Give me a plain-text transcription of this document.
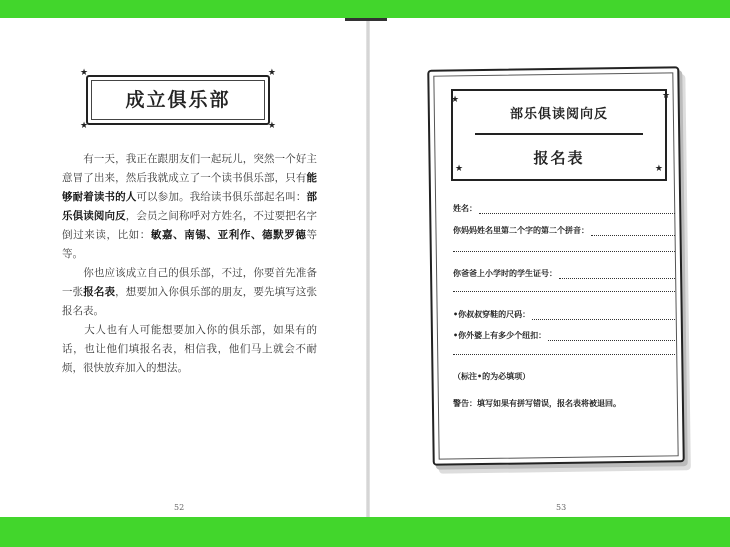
成立俱乐部
★	★
★	★

　　有一天，我正在跟朋友们一起玩儿，突然一个好主意冒了出来，然后我就成立了一个读书俱乐部，只有能够耐着读书的人可以参加。我给读书俱乐部起名叫：部乐俱读阅向反，会员之间称呼对方姓名，不过要把名字倒过来读，比如：敏嘉、南锡、亚利作、德默罗德等等。

　　你也应该成立自己的俱乐部，不过，你要首先准备一张报名表，想要加入你俱乐部的朋友，要先填写这张报名表。

　　大人也有人可能想要加入你的俱乐部，如果有的话，也让他们填报名表，相信我，他们马上就会不耐烦，很快放弃加入的想法。

52
★	★
部乐俱读阅向反
报名表
★	★
姓名：
你妈妈姓名里第二个字的第二个拼音：
你爸爸上小学时的学生证号：
•你叔叔穿鞋的尺码：
•你外婆上有多少个纽扣：
（标注•的为必填项）
警告：填写如果有拼写错误，报名表将被退回。
53
